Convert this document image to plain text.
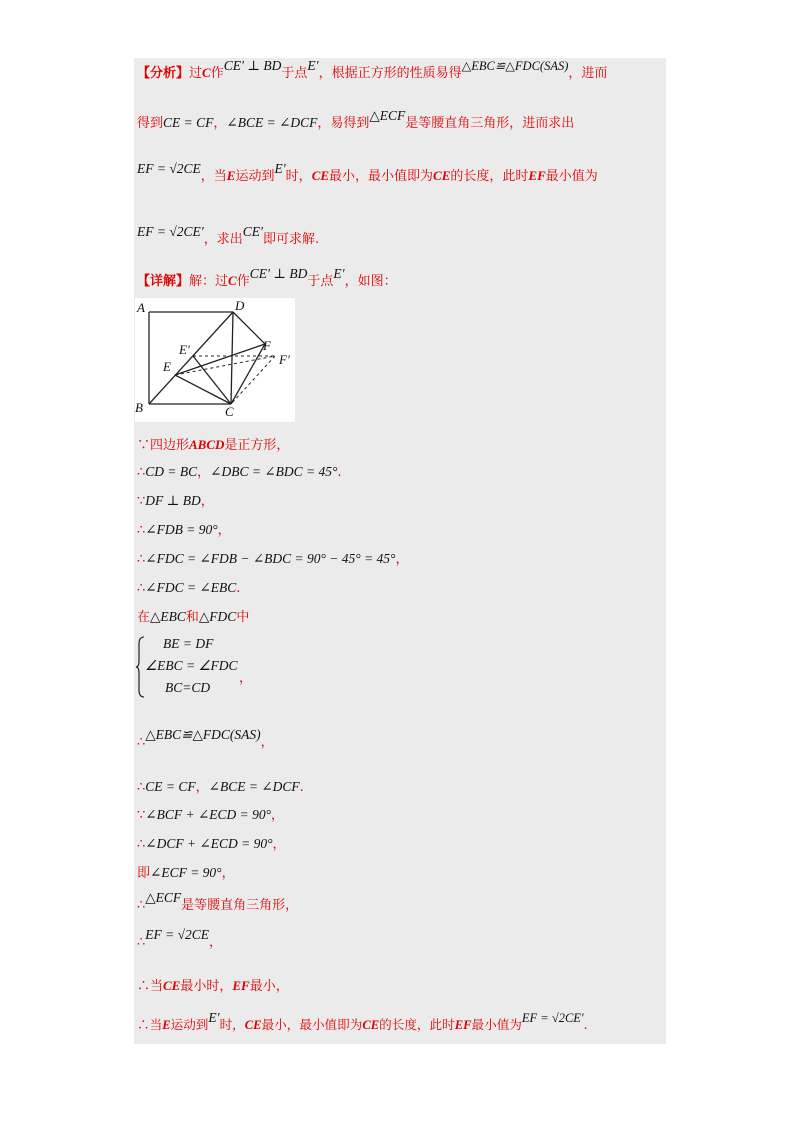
【分析】过C作CE′ ⊥ BD于点E′，根据正方形的性质易得△EBC≌△FDC(SAS)，进而
得到CE = CF，∠BCE = ∠DCF，易得到△ECF是等腰直角三角形，进而求出
EF = √2CE，当E运动到E′时，CE最小，最小值即为CE的长度，此时EF最小值为
EF = √2CE′，求出CE′即可求解.
【详解】解：过C作CE′ ⊥ BD于点E′，如图：
A	D
E′	F
F′
E
B	C
∵四边形ABCD是正方形，
∴CD = BC，∠DBC = ∠BDC = 45°.
∵DF ⊥ BD，
∴∠FDB = 90°，
∴∠FDC = ∠FDB − ∠BDC = 90° − 45° = 45°，
∴∠FDC = ∠EBC.
在△EBC和△FDC中
BE = DF
∠EBC = ∠FDC
BC=CD
，
∴△EBC≌△FDC(SAS)，
∴CE = CF，∠BCE = ∠DCF.
∵∠BCF + ∠ECD = 90°，
∴∠DCF + ∠ECD = 90°，
即∠ECF = 90°，
∴△ECF是等腰直角三角形，
∴EF = √2CE，
∴当CE最小时，EF最小，
∴当E运动到E′时，CE最小，最小值即为CE的长度，此时EF最小值为EF = √2CE′.
